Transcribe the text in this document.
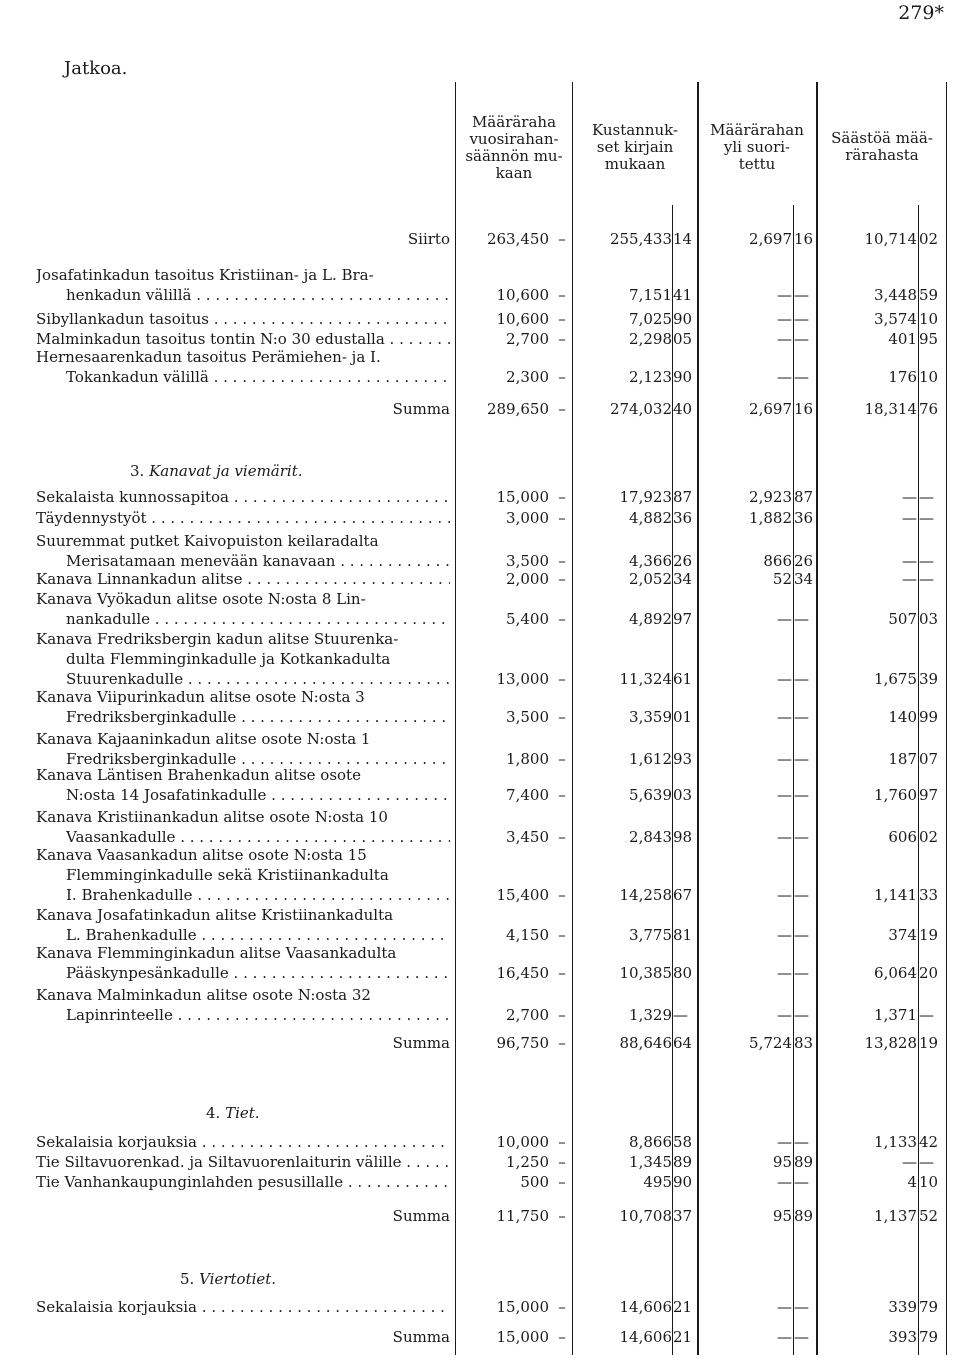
279*
Jatkoa.
Määräraha
vuosirahan-
säännön mu-
kaan
Kustannuk-
set kirjain
mukaan
Määrärahan
yli suori-
tettu
Säästöä mää-
rärahasta
3. Kanavat ja viemärit.
4. Tiet.
5. Viertotiet.
Siirto	263,450 –	255,433 14	2,697 16	10,714 02
Josafatinkadun tasoitus Kristiinan- ja L. Bra-
henkadun välillä . . .	10,600 –	7,151 41	— —	3,448 59
Sibyllankadun tasoitus . . .	10,600 –	7,025 90	— —	3,574 10
Malminkadun tasoitus tontin N:o 30 edustalla . . .	2,700 –	2,298 05	— —	401 95
Hernesaarenkadun tasoitus Perämiehen- ja I.
Tokankadun välillä . . .	2,300 –	2,123 90	— —	176 10
Summa	289,650 –	274,032 40	2,697 16	18,314 76
Sekalaista kunnossapitoa . . .	15,000 –	17,923 87	2,923 87	— —
Täydennystyöt . . .	3,000 –	4,882 36	1,882 36	— —
Suuremmat putket Kaivopuiston keilaradalta
Merisatamaan menevään kanavaan . . .	3,500 –	4,366 26	866 26	— —
Kanava Linnankadun alitse . . .	2,000 –	2,052 34	52 34	— —
Kanava Vyökadun alitse osote N:osta 8 Lin-
nankadulle . . .	5,400 –	4,892 97	— —	507 03
Kanava Fredriksbergin kadun alitse Stuurenka-
dulta Flemminginkadulle ja Kotkankadulta
Stuurenkadulle . . .	13,000 –	11,324 61	— —	1,675 39
Kanava Viipurinkadun alitse osote N:osta 3
Fredriksberginkadulle . . .	3,500 –	3,359 01	— —	140 99
Kanava Kajaaninkadun alitse osote N:osta 1
Fredriksberginkadulle . . .	1,800 –	1,612 93	— —	187 07
Kanava Läntisen Brahenkadun alitse osote
N:osta 14 Josafatinkadulle . . .	7,400 –	5,639 03	— —	1,760 97
Kanava Kristiinankadun alitse osote N:osta 10
Vaasankadulle . . .	3,450 –	2,843 98	— —	606 02
Kanava Vaasankadun alitse osote N:osta 15
Flemminginkadulle sekä Kristiinankadulta
I. Brahenkadulle . . .	15,400 –	14,258 67	— —	1,141 33
Kanava Josafatinkadun alitse Kristiinankadulta
L. Brahenkadulle . . .	4,150 –	3,775 81	— —	374 19
Kanava Flemminginkadun alitse Vaasankadulta
Pääskynpesänkadulle . . .	16,450 –	10,385 80	— —	6,064 20
Kanava Malminkadun alitse osote N:osta 32
Lapinrinteelle . . .	2,700 –	1,329 —	— —	1,371 —
Summa	96,750 –	88,646 64	5,724 83	13,828 19
Sekalaisia korjauksia . . .	10,000 –	8,866 58	— —	1,133 42
Tie Siltavuorenkad. ja Siltavuorenlaiturin välille . . .	1,250 –	1,345 89	95 89	— —
Tie Vanhankaupunginlahden pesusillalle . . .	500 –	495 90	— —	4 10
Summa	11,750 –	10,708 37	95 89	1,137 52
Sekalaisia korjauksia . . .	15,000 –	14,606 21	— —	339 79
Summa	15,000 –	14,606 21	— —	393 79
